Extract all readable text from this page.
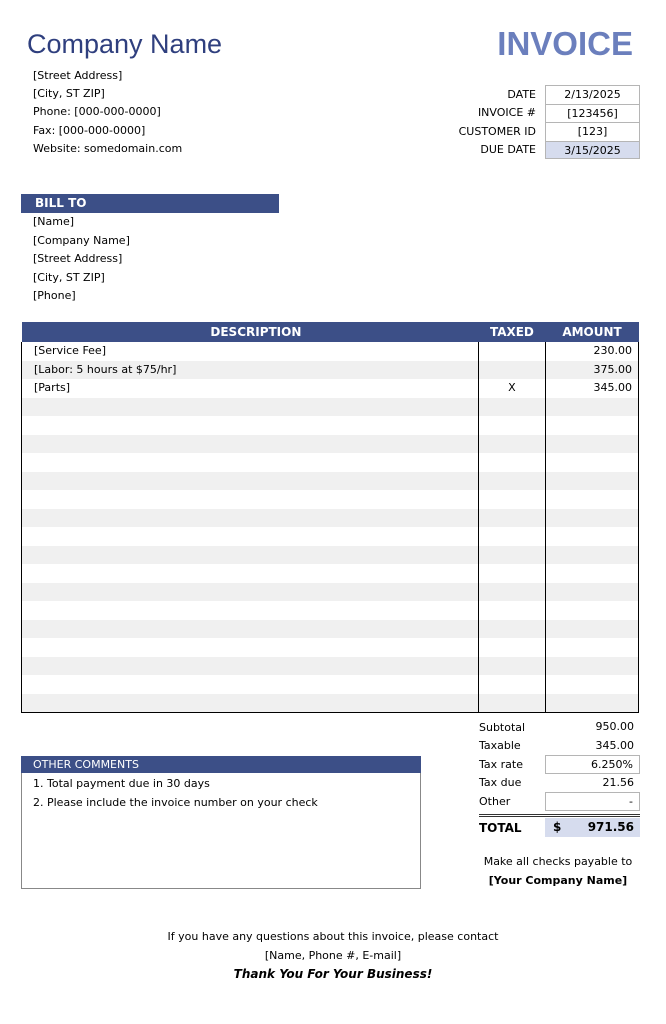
Company Name	INVOICE
[Street Address]
[City, ST ZIP]
Phone: [000-000-0000]
Fax: [000-000-0000]
Website: somedomain.com
DATE	2/13/2025
INVOICE #	[123456]
CUSTOMER ID	[123]
DUE DATE	3/15/2025
BILL TO
[Name]
[Company Name]
[Street Address]
[City, ST ZIP]
[Phone]
DESCRIPTION	TAXED	AMOUNT
[Service Fee]		230.00
[Labor: 5 hours at $75/hr]		375.00
[Parts]	X	345.00

Subtotal	950.00
Taxable	345.00
Tax rate	6.250%
Tax due	21.56
Other	-
TOTAL	$ 971.56
OTHER COMMENTS
1. Total payment due in 30 days
2. Please include the invoice number on your check
Make all checks payable to
[Your Company Name]
If you have any questions about this invoice, please contact
[Name, Phone #, E-mail]
Thank You For Your Business!
